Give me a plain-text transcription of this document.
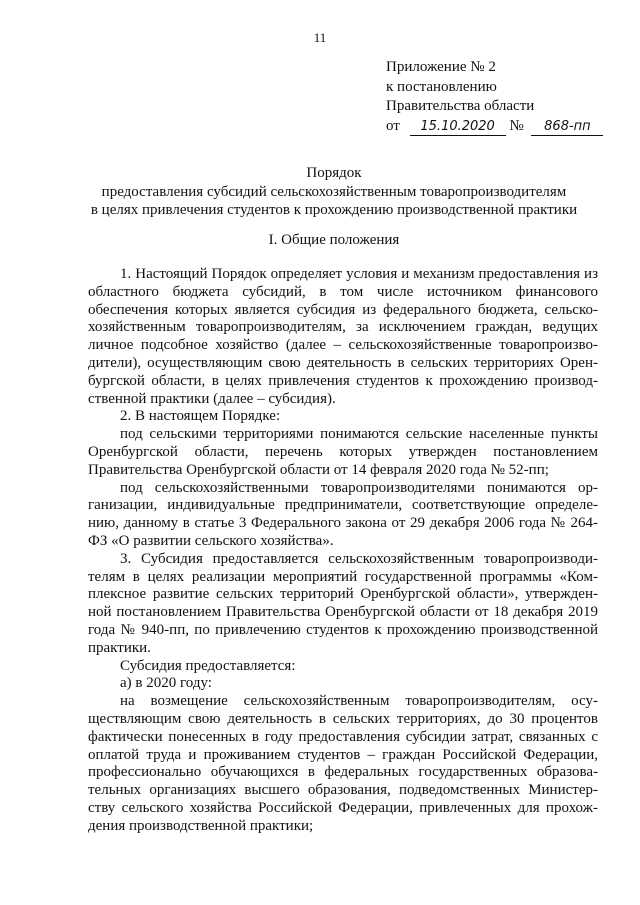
11
Приложение № 2
к постановлению
Правительства области
от 15.10.2020 № 868-пп
Порядок
предоставления субсидий сельскохозяйственным товаропроизводителям
в целях привлечения студентов к прохождению производственной практики
I. Общие положения

1. Настоящий Порядок определяет условия и механизм предоставления из областного бюджета субсидий, в том числе источником финансового обеспечения которых является субсидия из федерального бюджета, сельскохозяйственным товаропроизводителям, за исключением граждан, ведущих личное подсобное хозяйство (далее – сельскохозяйственные товаропроизводители), осуществляющим свою деятельность в сельских территориях Оренбургской области, в целях привлечения студентов к прохождению производственной практики (далее – субсидия).

2. В настоящем Порядке:

под сельскими территориями понимаются сельские населенные пункты Оренбургской области, перечень которых утвержден постановлением Правительства Оренбургской области от 14 февраля 2020 года № 52-пп;

под сельскохозяйственными товаропроизводителями понимаются организации, индивидуальные предприниматели, соответствующие определению, данному в статье 3 Федерального закона от 29 декабря 2006 года № 264-ФЗ «О развитии сельского хозяйства».

3. Субсидия предоставляется сельскохозяйственным товаропроизводителям в целях реализации мероприятий государственной программы «Комплексное развитие сельских территорий Оренбургской области», утвержденной постановлением Правительства Оренбургской области от 18 декабря 2019 года № 940-пп, по привлечению студентов к прохождению производственной практики.

Субсидия предоставляется:

а) в 2020 году:

на возмещение сельскохозяйственным товаропроизводителям, осуществляющим свою деятельность в сельских территориях, до 30 процентов фактически понесенных в году предоставления субсидии затрат, связанных с оплатой труда и проживанием студентов – граждан Российской Федерации, профессионально обучающихся в федеральных государственных образовательных организациях высшего образования, подведомственных Министерству сельского хозяйства Российской Федерации, привлеченных для прохождения производственной практики;
